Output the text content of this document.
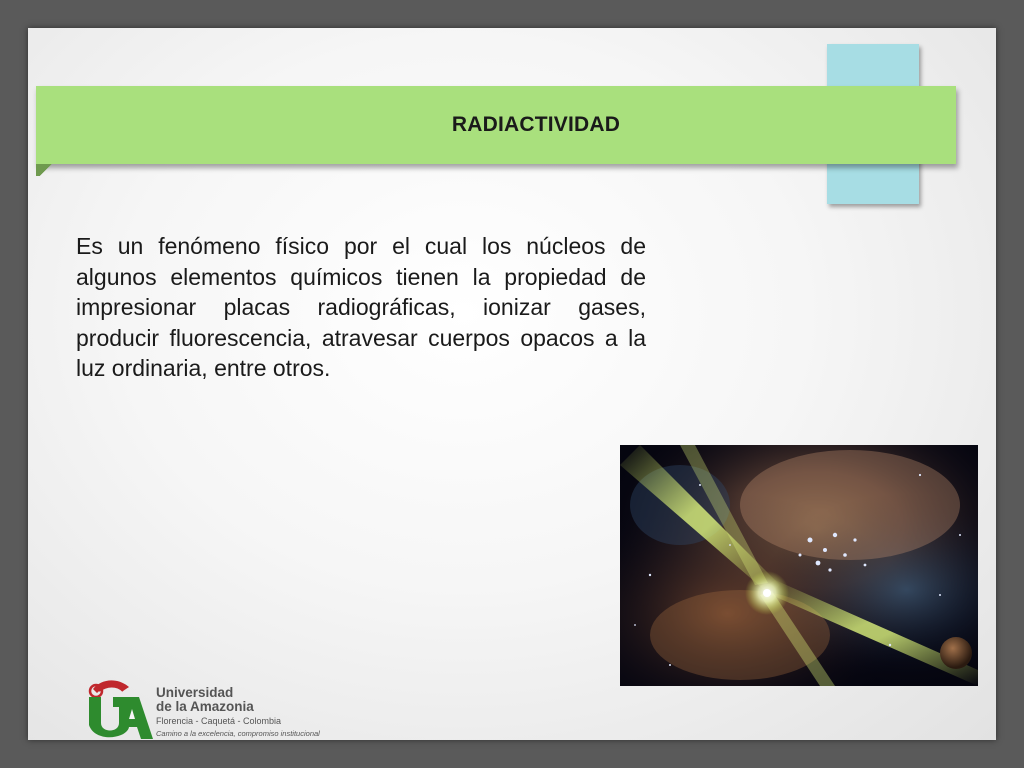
RADIACTIVIDAD
Es un fenómeno físico por el cual los núcleos de algunos elementos químicos tienen la propiedad de impresionar placas radiográficas, ionizar gases, producir fluorescencia, atravesar cuerpos opacos a la luz ordinaria, entre otros.
Universidad
de la Amazonia
Florencia - Caquetá - Colombia
Camino a la excelencia, compromiso institucional
